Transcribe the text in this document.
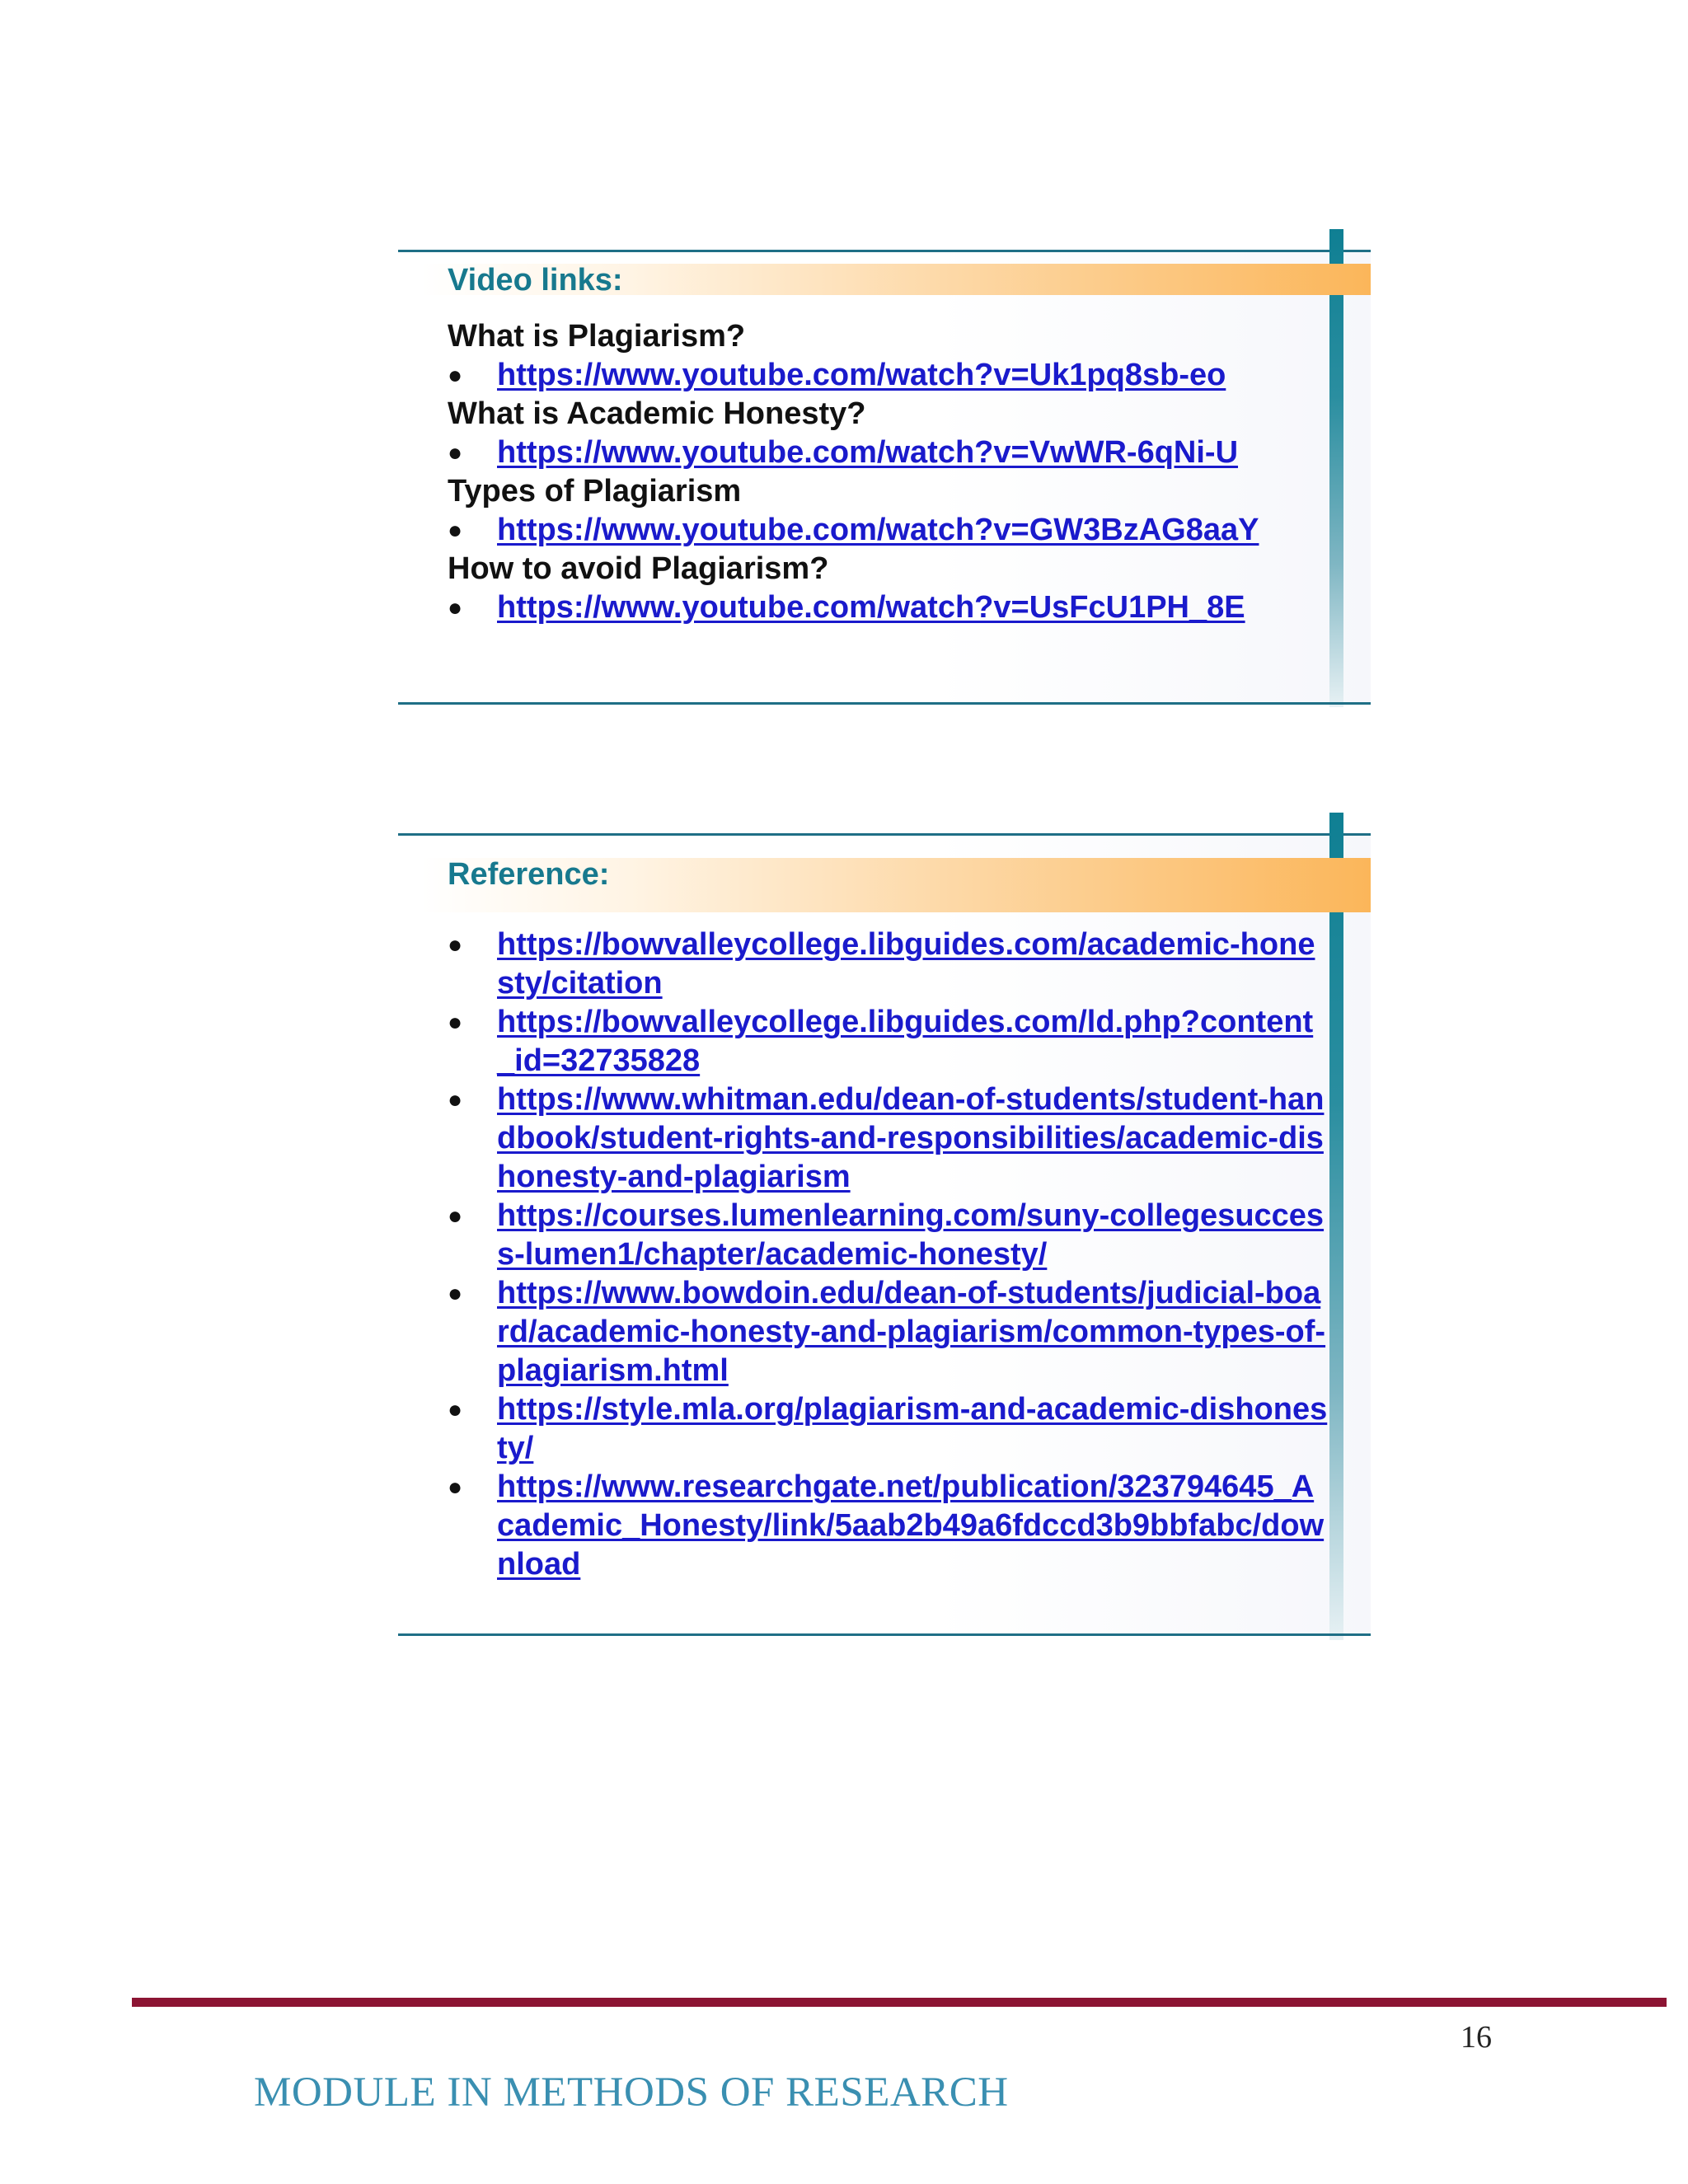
Video links:
What is Plagiarism?
●	https://www.youtube.com/watch?v=Uk1pq8sb-eo
What is Academic Honesty?
●	https://www.youtube.com/watch?v=VwWR-6qNi-U
Types of Plagiarism
●	https://www.youtube.com/watch?v=GW3BzAG8aaY
How to avoid Plagiarism?
●	https://www.youtube.com/watch?v=UsFcU1PH_8E
Reference:
●	https://bowvalleycollege.libguides.com/academic-honesty/citation
●	https://bowvalleycollege.libguides.com/ld.php?content_id=32735828
●	https://www.whitman.edu/dean-of-students/student-handbook/student-rights-and-responsibilities/academic-dishonesty-and-plagiarism
●	https://courses.lumenlearning.com/suny-collegesuccess-lumen1/chapter/academic-honesty/
●	https://www.bowdoin.edu/dean-of-students/judicial-board/academic-honesty-and-plagiarism/common-types-of-plagiarism.html
●	https://style.mla.org/plagiarism-and-academic-dishonesty/
●	https://www.researchgate.net/publication/323794645_Academic_Honesty/link/5aab2b49a6fdccd3b9bbfabc/download
16
MODULE IN METHODS OF RESEARCH
